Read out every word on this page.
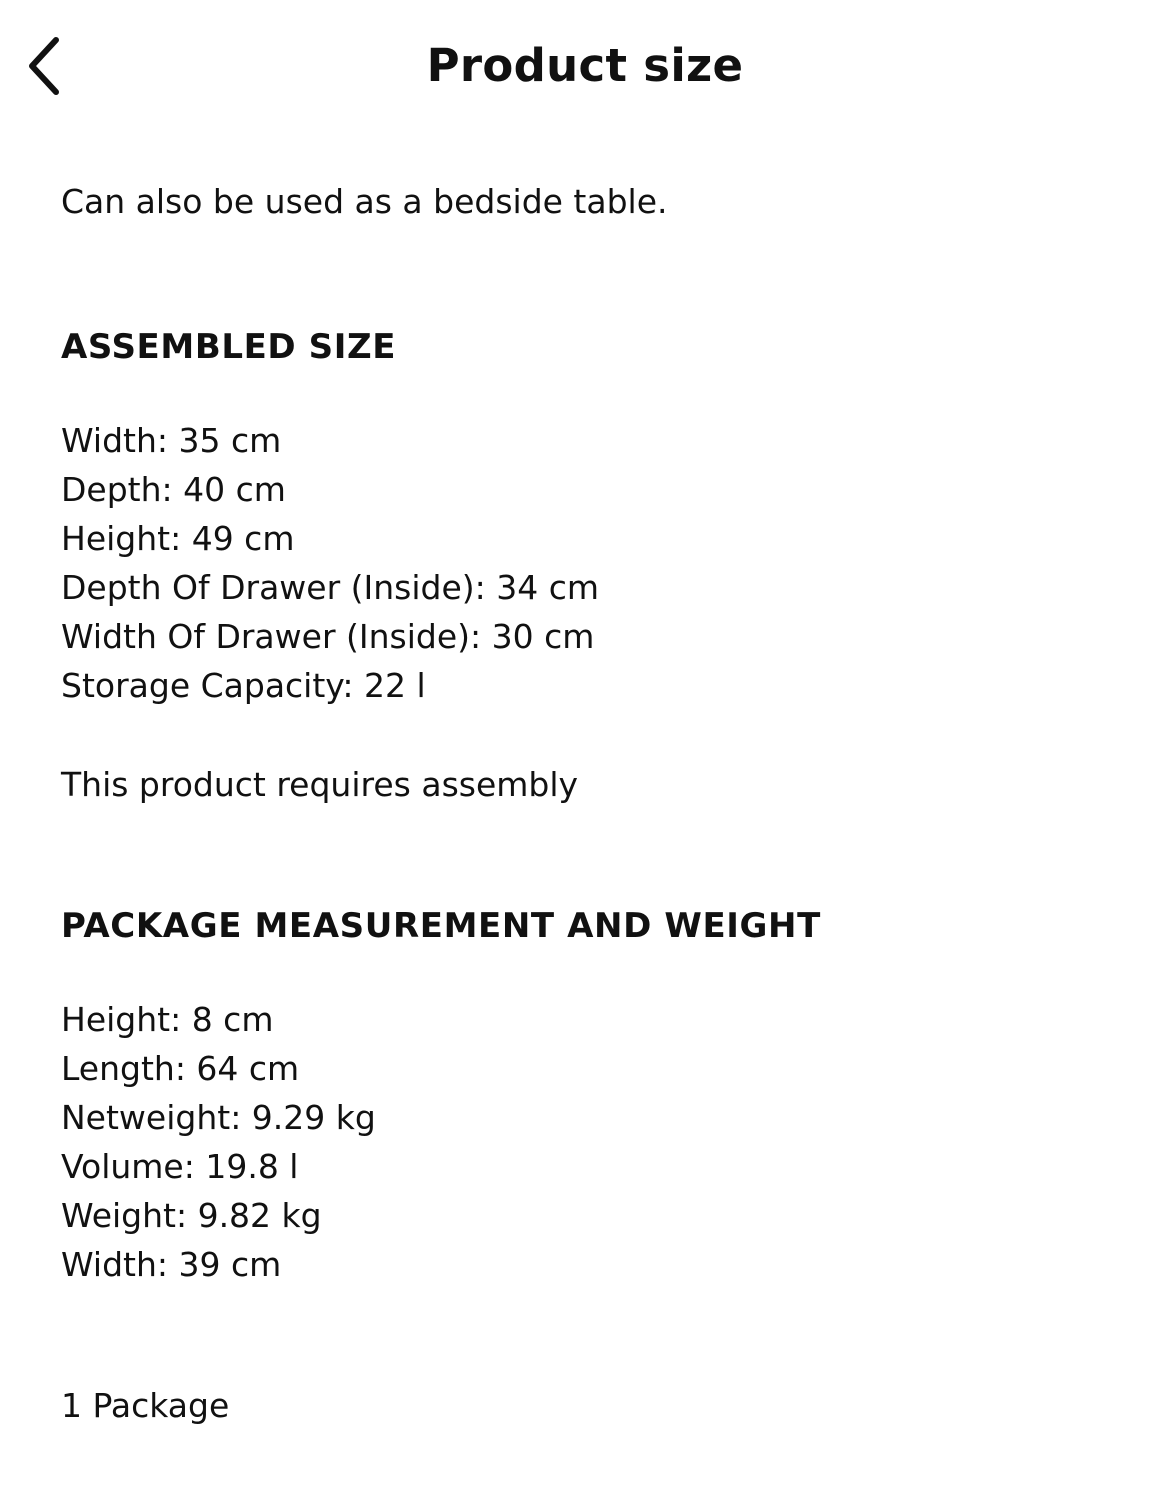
Product size

Can also be used as a bedside table.

ASSEMBLED SIZE
Width: 35 cm
Depth: 40 cm
Height: 49 cm
Depth Of Drawer (Inside): 34 cm
Width Of Drawer (Inside): 30 cm
Storage Capacity: 22 l

This product requires assembly

PACKAGE MEASUREMENT AND WEIGHT
Height: 8 cm
Length: 64 cm
Netweight: 9.29 kg
Volume: 19.8 l
Weight: 9.82 kg
Width: 39 cm

1 Package
